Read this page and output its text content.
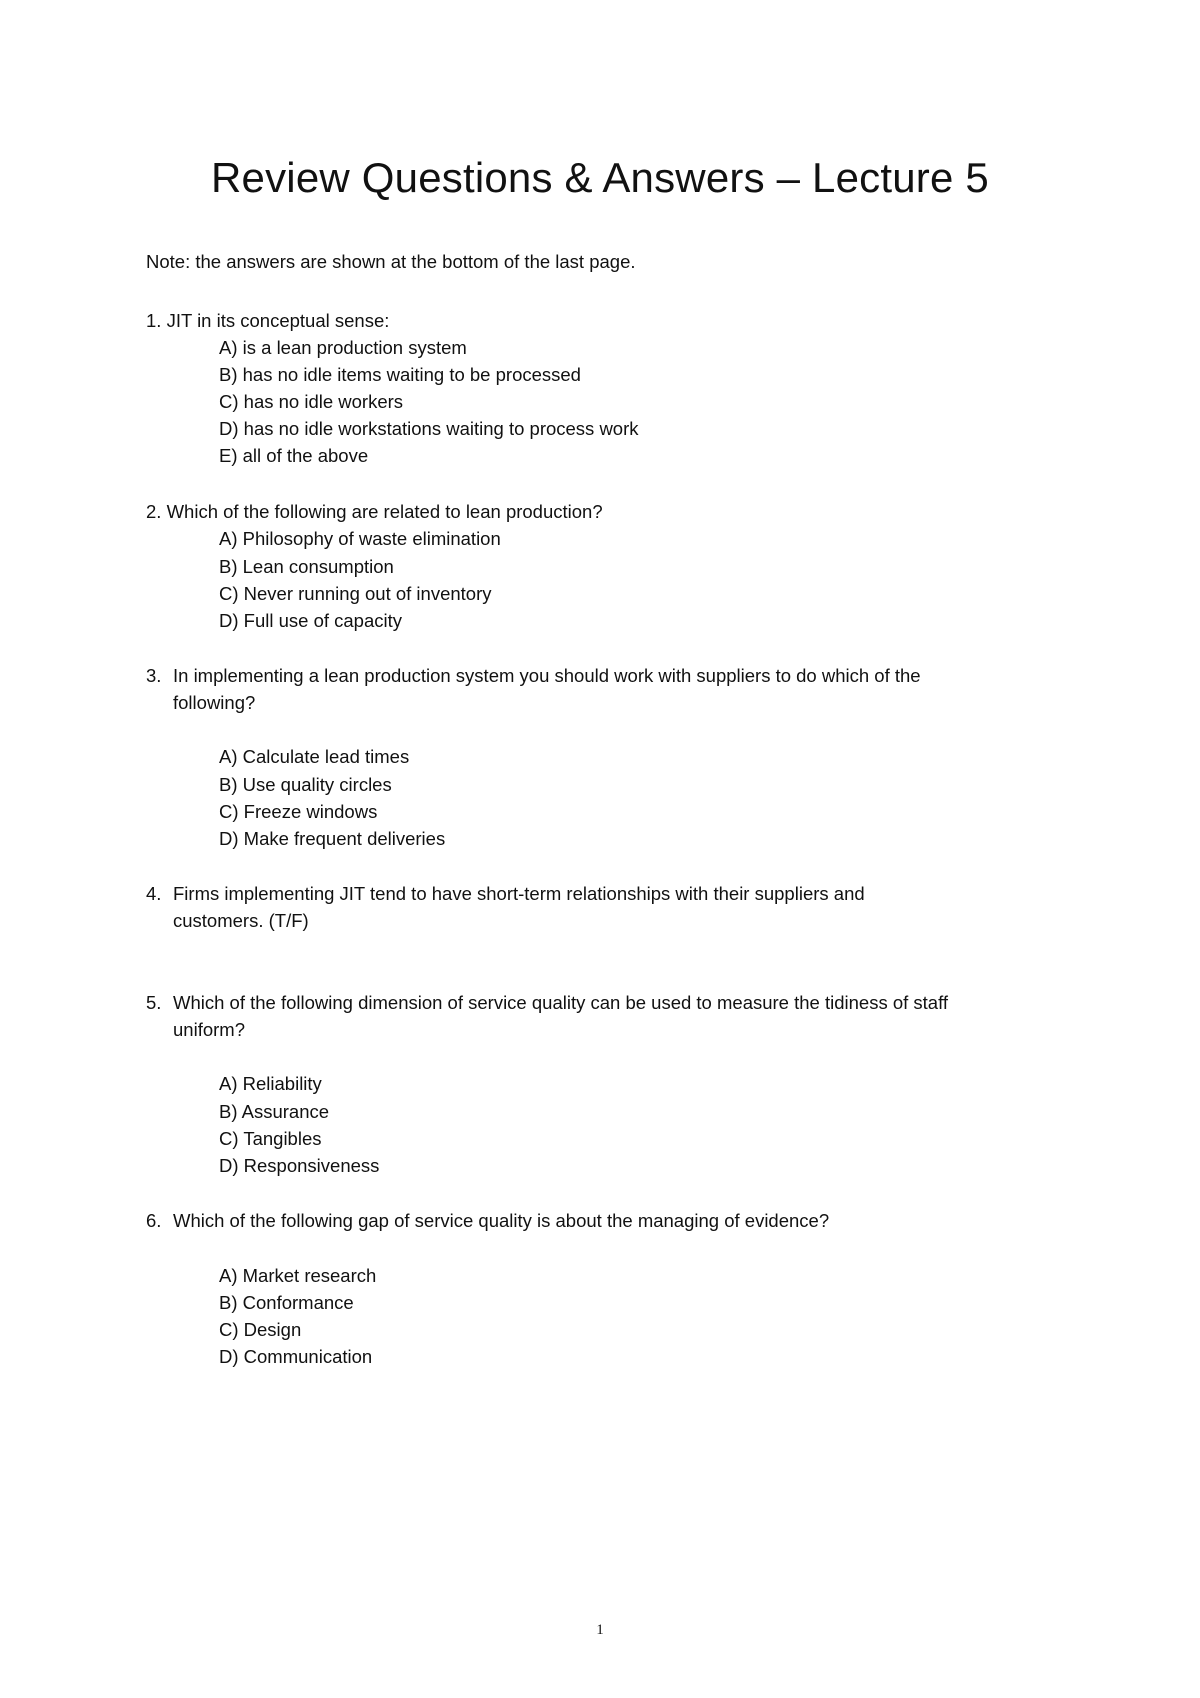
Review Questions & Answers – Lecture 5

Note: the answers are shown at the bottom of the last page.

1. JIT in its conceptual sense:

A) is a lean production system

B) has no idle items waiting to be processed

C) has no idle workers

D) has no idle workstations waiting to process work

E) all of the above

2. Which of the following are related to lean production?

A) Philosophy of waste elimination

B) Lean consumption

C) Never running out of inventory

D) Full use of capacity

3. In implementing a lean production system you should work with suppliers to do which of the

following?

A) Calculate lead times

B) Use quality circles

C) Freeze windows

D) Make frequent deliveries

4. Firms implementing JIT tend to have short-term relationships with their suppliers and

customers. (T/F)

5. Which of the following dimension of service quality can be used to measure the tidiness of staff

uniform?

A) Reliability

B) Assurance

C) Tangibles

D) Responsiveness

6. Which of the following gap of service quality is about the managing of evidence?

A) Market research

B) Conformance

C) Design

D) Communication

1
